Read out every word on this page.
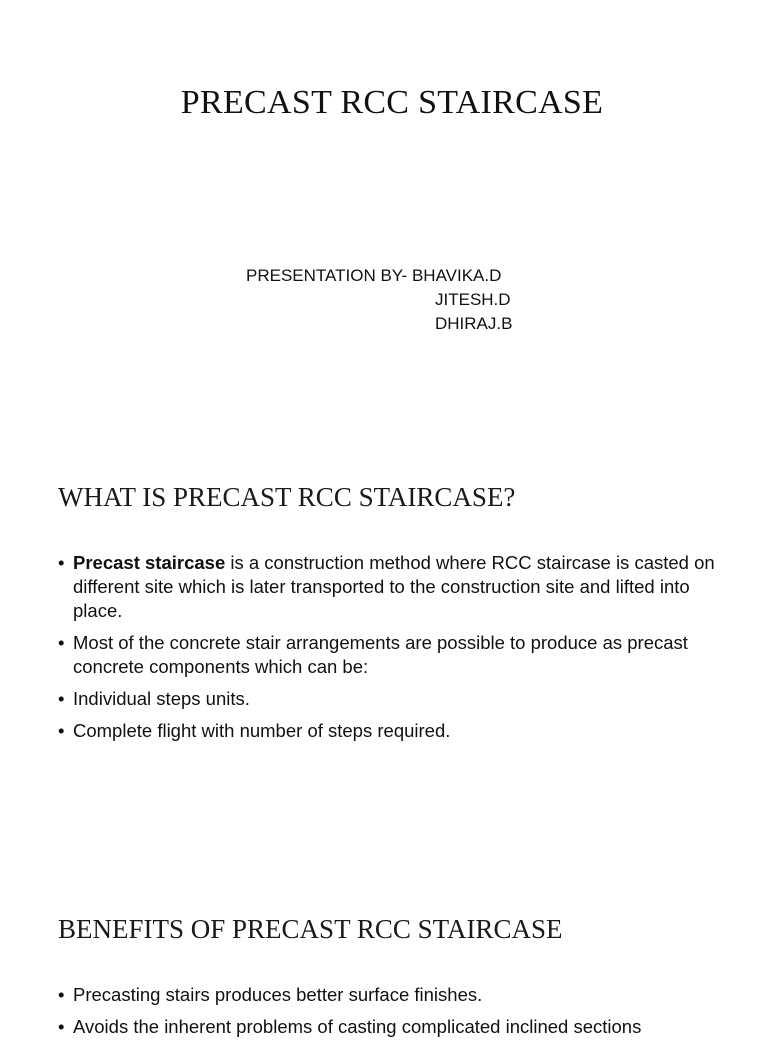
PRECAST RCC STAIRCASE
PRESENTATION BY- BHAVIKA.D
JITESH.D
DHIRAJ.B
WHAT IS PRECAST RCC STAIRCASE?
• Precast staircase is a construction method where RCC staircase is casted on different site which is later transported to the construction site and lifted into place.
• Most of the concrete stair arrangements are possible to produce as precast concrete components which can be:
• Individual steps units.
• Complete flight with number of steps required.
BENEFITS OF PRECAST RCC STAIRCASE
• Precasting stairs produces better surface finishes.
• Avoids the inherent problems of casting complicated inclined sections
